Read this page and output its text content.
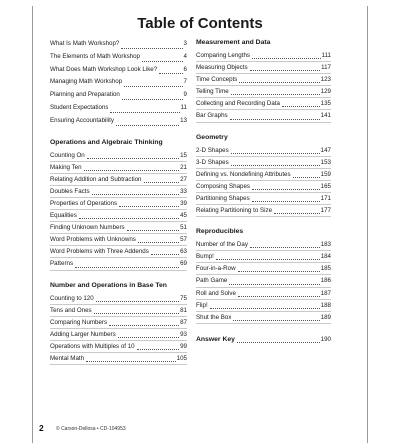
Table of Contents
What Is Math Workshop?	3
The Elements of Math Workshop	4
What Does Math Workshop Look Like?	6
Managing Math Workshop	7
Planning and Preparation	9
Student Expectations	11
Ensuring Accountability	13
Operations and Algebraic Thinking
Counting On	15
Making Ten	21
Relating Addition and Subtraction	27
Doubles Facts	33
Properties of Operations	39
Equalities	45
Finding Unknown Numbers	51
Word Problems with Unknowns	57
Word Problems with Three Addends	63
Patterns	69
Number and Operations in Base Ten
Counting to 120	75
Tens and Ones	81
Comparing Numbers	87
Adding Larger Numbers	93
Operations with Multiples of 10	99
Mental Math	105
Measurement and Data
Comparing Lengths	111
Measuring Objects	117
Time Concepts	123
Telling Time	129
Collecting and Recording Data	135
Bar Graphs	141
Geometry
2-D Shapes	147
3-D Shapes	153
Defining vs. Nondefining Attributes	159
Composing Shapes	165
Partitioning Shapes	171
Relating Partitioning to Size	177
Reproducibles
Number of the Day	183
Bump!	184
Four-in-a-Row	185
Path Game	186
Roll and Solve	187
Flip!	188
Shut the Box	189
Answer Key	190
2 © Carson-Dellosa • CD-104953
